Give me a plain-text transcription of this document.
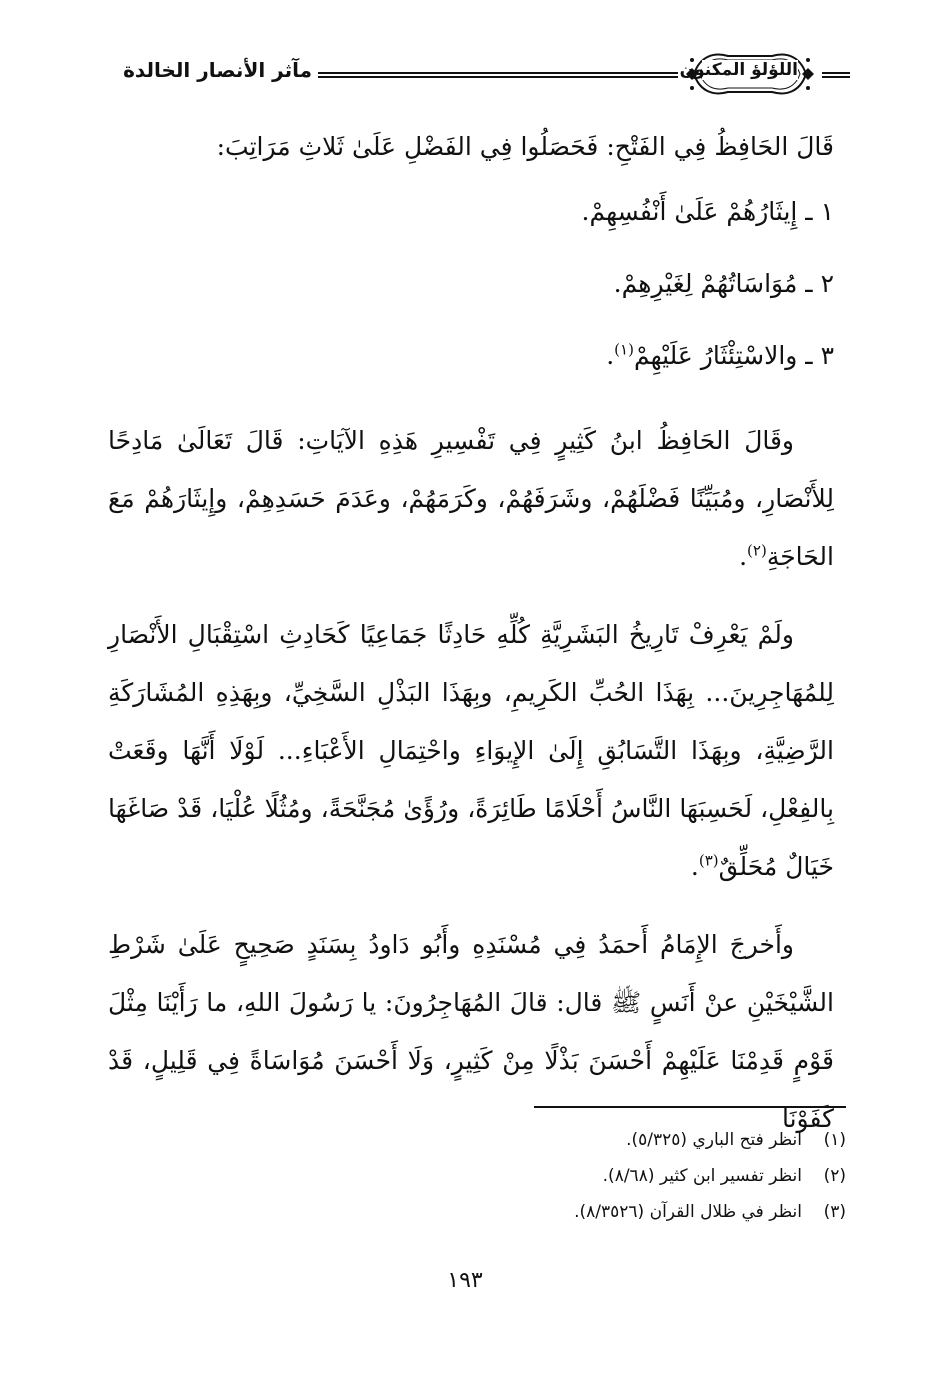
مآثر الأنصار الخالدة	اللؤلؤ المكنون

قَالَ الحَافِظُ فِي الفَتْحِ: فَحَصَلُوا فِي الفَضْلِ عَلَىٰ ثَلاثِ مَرَاتِبَ:

١ ـ إِيثَارُهُمْ عَلَىٰ أَنْفُسِهِمْ.

٢ ـ مُوَاسَاتُهُمْ لِغَيْرِهِمْ.

٣ ـ والاسْتِئْثَارُ عَلَيْهِمْ$^{(١)}$.

وقَالَ الحَافِظُ ابنُ كَثِيرٍ فِي تَفْسِيرِ هَذِهِ الآيَاتِ: قَالَ تَعَالَىٰ مَادِحًا لِلأَنْصَارِ، ومُبَيِّنًا فَضْلَهُمْ، وشَرَفَهُمْ، وكَرَمَهُمْ، وعَدَمَ حَسَدِهِمْ، وإِيثَارَهُمْ مَعَ الحَاجَةِ$^{(٢)}$.

ولَمْ يَعْرِفْ تَارِيخُ البَشَرِيَّةِ كُلِّهِ حَادِثًا جَمَاعِيًا كَحَادِثِ اسْتِقْبَالِ الأَنْصَارِ لِلمُهَاجِرِينَ... بِهَذَا الحُبِّ الكَرِيمِ، وبِهَذَا البَذْلِ السَّخِيِّ، وبِهَذِهِ المُشَارَكَةِ الرَّضِيَّةِ، وبِهَذَا التَّسَابُقِ إِلَىٰ الإِيوَاءِ واحْتِمَالِ الأَعْبَاءِ... لَوْلَا أَنَّهَا وقَعَتْ بِالفِعْلِ، لَحَسِبَهَا النَّاسُ أَحْلَامًا طَائِرَةً، ورُؤًىٰ مُجَنَّحَةً، ومُثُلًا عُلْيَا، قَدْ صَاغَهَا خَيَالٌ مُحَلِّقٌ$^{(٣)}$.

وأَخرجَ الإِمَامُ أَحمَدُ فِي مُسْنَدِهِ وأَبُو دَاودُ بِسَنَدٍ صَحِيحٍ عَلَىٰ شَرْطِ الشَّيْخَيْنِ عنْ أَنَسٍ ﷺ قال: قالَ المُهَاجِرُونَ: يا رَسُولَ اللهِ، ما رَأَيْنَا مِثْلَ قَوْمٍ قَدِمْنَا عَلَيْهِمْ أَحْسَنَ بَذْلًا مِنْ كَثِيرٍ، وَلَا أَحْسَنَ مُوَاسَاةً فِي قَلِيلٍ، قَدْ كَفَوْنَا

(١)انظر فتح الباري (٥/٣٢٥).

(٢)انظر تفسير ابن كثير (٨/٦٨).

(٣)انظر في ظلال القرآن (٨/٣٥٢٦).

١٩٣
